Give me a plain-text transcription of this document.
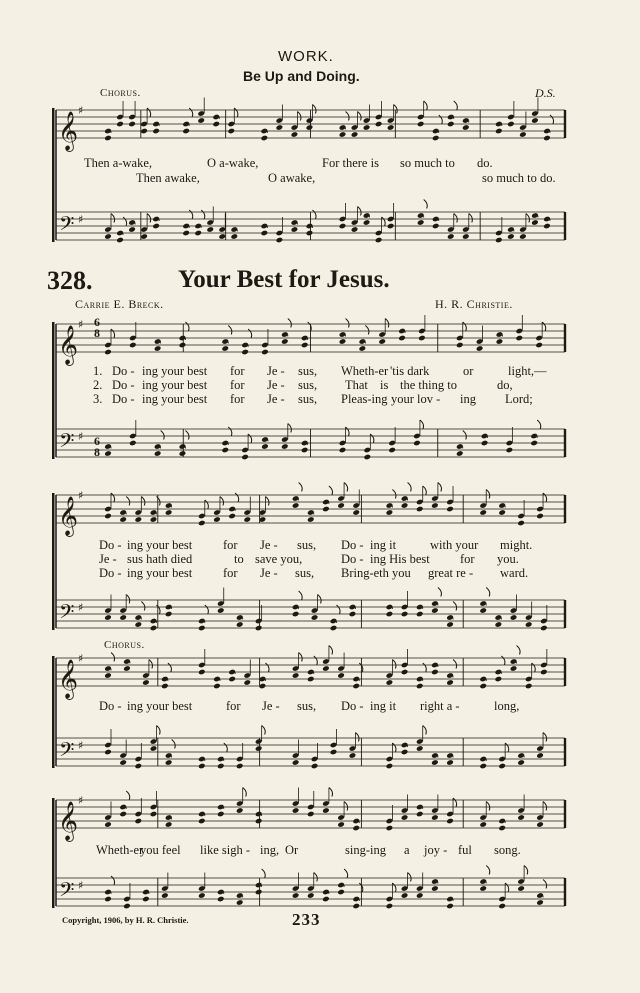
WORK.
Be Up and Doing.
Chorus.	D.S.
𝄞
𝄢
♯
♯
Then a-wake,	O a-wake,	For there is so much to do.
Then awake,	O awake,	so much to do.
328.	Your Best for Jesus.
Carrie E. Breck.	H. R. Christie.
𝄞
𝄢
♯
♯
6
8
6
8
1. Do - ing your best for Je - sus, Wheth-er 'tis dark	or	light,—
2. Do - ing your best for Je - sus, That is the thing to	do,
3. Do - ing your best for Je - sus, Pleas-ing your lov - ing Lord;
𝄞
𝄢
♯
♯
Do - ing your best for Je - sus, Do - ing it	with your might.
Je - sus hath died	to save you,	Do - ing His best for you.
Do - ing your best for Je - sus, Bring-eth you great re - ward.
Chorus.
𝄞
𝄢
♯
♯
Do - ing your best	for Je - sus, Do - ing it right a -	long,
𝄞
𝄢
♯
♯
Wheth-er
you feel like sigh - ing, Or	sing-ing a joy - ful song.
Copyright, 1906, by H. R. Christie.	233
